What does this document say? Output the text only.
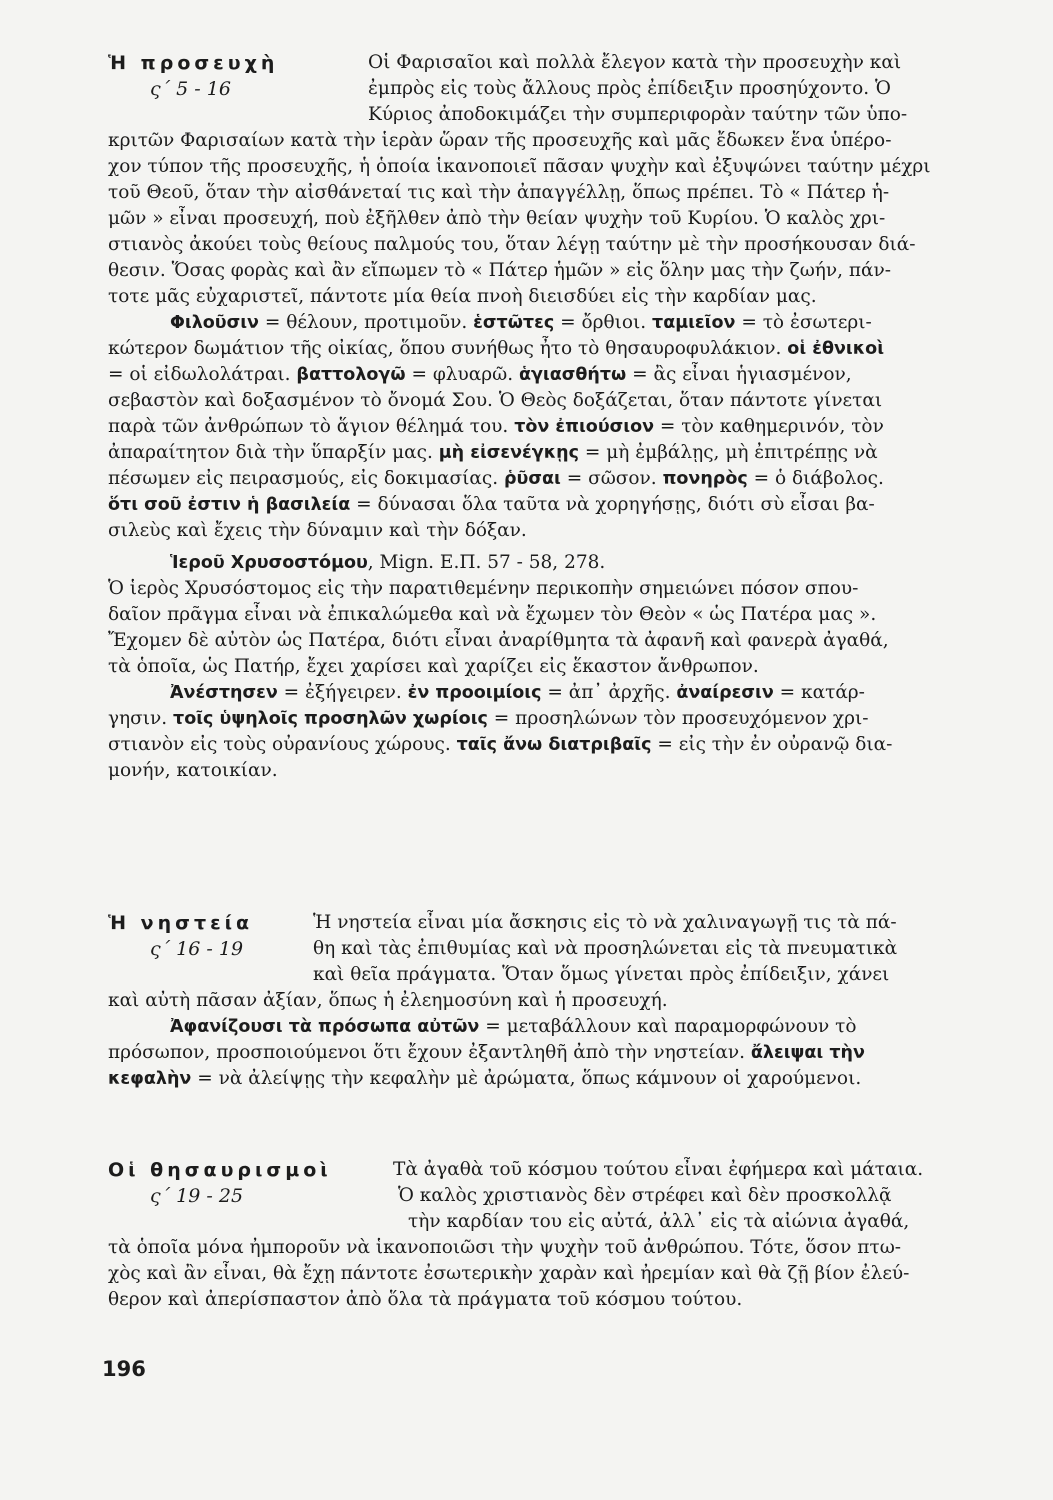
Ἡ προσευχὴ
ς΄ 5 - 16
Οἱ Φαρισαῖοι καὶ πολλὰ ἔλεγον κατὰ τὴν προσευχὴν καὶ
ἐμπρὸς εἰς τοὺς ἄλλους πρὸς ἐπίδειξιν προσηύχοντο. Ὁ
Κύριος ἀποδοκιμάζει τὴν συμπεριφορὰν ταύτην τῶν ὑπο-
κριτῶν Φαρισαίων κατὰ τὴν ἱερὰν ὥραν τῆς προσευχῆς καὶ μᾶς ἔδωκεν ἕνα ὑπέρο-
χον τύπον τῆς προσευχῆς, ἡ ὁποία ἱκανοποιεῖ πᾶσαν ψυχὴν καὶ ἐξυψώνει ταύτην μέχρι
τοῦ Θεοῦ, ὅταν τὴν αἰσθάνεταί τις καὶ τὴν ἀπαγγέλλῃ, ὅπως πρέπει. Τὸ « Πάτερ ἡ-
μῶν » εἶναι προσευχή, ποὺ ἐξῆλθεν ἀπὸ τὴν θείαν ψυχὴν τοῦ Κυρίου. Ὁ καλὸς χρι-
στιανὸς ἀκούει τοὺς θείους παλμούς του, ὅταν λέγῃ ταύτην μὲ τὴν προσήκουσαν διά-
θεσιν. Ὅσας φορὰς καὶ ἂν εἴπωμεν τὸ « Πάτερ ἡμῶν » εἰς ὅλην μας τὴν ζωήν, πάν-
τοτε μᾶς εὐχαριστεῖ, πάντοτε μία θεία πνοὴ διεισδύει εἰς τὴν καρδίαν μας.
Φιλοῦσιν = θέλουν, προτιμοῦν. ἑστῶτες = ὄρθιοι. ταμιεῖον = τὸ ἐσωτερι-
κώτερον δωμάτιον τῆς οἰκίας, ὅπου συνήθως ἦτο τὸ θησαυροφυλάκιον. οἱ ἐθνικοὶ
= οἱ εἰδωλολάτραι. βαττολογῶ = φλυαρῶ. ἁγιασθήτω = ἂς εἶναι ἡγιασμένον,
σεβαστὸν καὶ δοξασμένον τὸ ὄνομά Σου. Ὁ Θεὸς δοξάζεται, ὅταν πάντοτε γίνεται
παρὰ τῶν ἀνθρώπων τὸ ἅγιον θέλημά του. τὸν ἐπιούσιον = τὸν καθημερινόν, τὸν
ἀπαραίτητον διὰ τὴν ὕπαρξίν μας. μὴ εἰσενέγκῃς = μὴ ἐμβάλῃς, μὴ ἐπιτρέπῃς νὰ
πέσωμεν εἰς πειρασμούς, εἰς δοκιμασίας. ῥῦσαι = σῶσον. πονηρὸς = ὁ διάβολος.
ὅτι σοῦ ἐστιν ἡ βασιλεία = δύνασαι ὅλα ταῦτα νὰ χορηγήσῃς, διότι σὺ εἶσαι βα-
σιλεὺς καὶ ἔχεις τὴν δύναμιν καὶ τὴν δόξαν.
Ἱεροῦ Χρυσοστόμου, Mign. Ε.Π. 57 - 58, 278.
Ὁ ἱερὸς Χρυσόστομος εἰς τὴν παρατιθεμένην περικοπὴν σημειώνει πόσον σπου-
δαῖον πρᾶγμα εἶναι νὰ ἐπικαλώμεθα καὶ νὰ ἔχωμεν τὸν Θεὸν « ὡς Πατέρα μας ».
Ἔχομεν δὲ αὐτὸν ὡς Πατέρα, διότι εἶναι ἀναρίθμητα τὰ ἀφανῆ καὶ φανερὰ ἀγαθά,
τὰ ὁποῖα, ὡς Πατήρ, ἔχει χαρίσει καὶ χαρίζει εἰς ἕκαστον ἄνθρωπον.
Ἀνέστησεν = ἐξήγειρεν. ἐν προοιμίοις = ἀπ᾽ ἀρχῆς. ἀναίρεσιν = κατάρ-
γησιν. τοῖς ὑψηλοῖς προσηλῶν χωρίοις = προσηλώνων τὸν προσευχόμενον χρι-
στιανὸν εἰς τοὺς οὐρανίους χώρους. ταῖς ἄνω διατριβαῖς = εἰς τὴν ἐν οὐρανῷ δια-
μονήν, κατοικίαν.
Ἡ νηστεία
ς΄ 16 - 19
Ἡ νηστεία εἶναι μία ἄσκησις εἰς τὸ νὰ χαλιναγωγῇ τις τὰ πά-
θη καὶ τὰς ἐπιθυμίας καὶ νὰ προσηλώνεται εἰς τὰ πνευματικὰ
καὶ θεῖα πράγματα. Ὅταν ὅμως γίνεται πρὸς ἐπίδειξιν, χάνει
καὶ αὐτὴ πᾶσαν ἀξίαν, ὅπως ἡ ἐλεημοσύνη καὶ ἡ προσευχή.
Ἀφανίζουσι τὰ πρόσωπα αὐτῶν = μεταβάλλουν καὶ παραμορφώνουν τὸ
πρόσωπον, προσποιούμενοι ὅτι ἔχουν ἐξαντληθῆ ἀπὸ τὴν νηστείαν. ἄλειψαι τὴν
κεφαλὴν = νὰ ἀλείψῃς τὴν κεφαλὴν μὲ ἀρώματα, ὅπως κάμνουν οἱ χαρούμενοι.
Οἱ θησαυρισμοὶ
ς΄ 19 - 25
Τὰ ἀγαθὰ τοῦ κόσμου τούτου εἶναι ἐφήμερα καὶ μάταια.
Ὁ καλὸς χριστιανὸς δὲν στρέφει καὶ δὲν προσκολλᾷ
τὴν καρδίαν του εἰς αὐτά, ἀλλ᾽ εἰς τὰ αἰώνια ἀγαθά,
τὰ ὁποῖα μόνα ἠμποροῦν νὰ ἱκανοποιῶσι τὴν ψυχὴν τοῦ ἀνθρώπου. Τότε, ὅσον πτω-
χὸς καὶ ἂν εἶναι, θὰ ἔχῃ πάντοτε ἐσωτερικὴν χαρὰν καὶ ἠρεμίαν καὶ θὰ ζῇ βίον ἐλεύ-
θερον καὶ ἀπερίσπαστον ἀπὸ ὅλα τὰ πράγματα τοῦ κόσμου τούτου.
196
